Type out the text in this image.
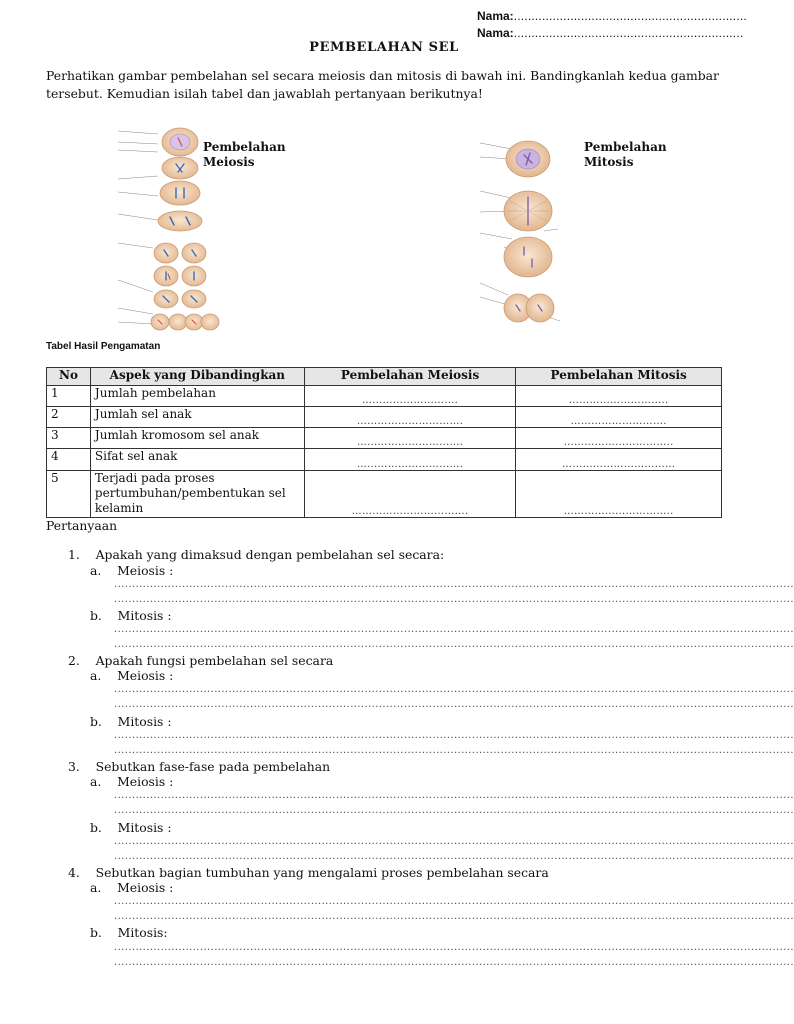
Nama:..................................................................
Nama:.................................................................
PEMBELAHAN SEL
Perhatikan gambar pembelahan sel secara meiosis dan mitosis di bawah ini. Bandingkanlah kedua gambar tersebut. Kemudian isilah tabel dan jawablah pertanyaan berikutnya!
Pembelahan
Meiosis
Pembelahan
Mitosis
Tabel Hasil Pengamatan
No	Aspek yang Dibandingkan	Pembelahan Meiosis	Pembelahan Mitosis
1	Jumlah pembelahan	……………………….	………………………..
2	Jumlah sel anak	………………………….	……………………….
3	Jumlah kromosom sel anak	………………………….	…………………………..
4	Sifat sel anak	………………………….	……………………………
5	Terjadi pada proses pertumbuhan/pembentukan sel kelamin	…………………………….	…………………………..
Pertanyaan
1. Apakah yang dimaksud dengan pembelahan sel secara:
a. Meiosis :
..............................................................................................................................................................................................
..............................................................................................................................................................................................
b. Mitosis :
..............................................................................................................................................................................................
..............................................................................................................................................................................................
2. Apakah fungsi pembelahan sel secara
a. Meiosis :
..............................................................................................................................................................................................
..............................................................................................................................................................................................
b. Mitosis :
..............................................................................................................................................................................................
..............................................................................................................................................................................................
3. Sebutkan fase-fase pada pembelahan
a. Meiosis :
..............................................................................................................................................................................................
..............................................................................................................................................................................................
b. Mitosis :
..............................................................................................................................................................................................
..............................................................................................................................................................................................
4. Sebutkan bagian tumbuhan yang mengalami proses pembelahan secara
a. Meiosis :
..............................................................................................................................................................................................
..............................................................................................................................................................................................
b. Mitosis:
..............................................................................................................................................................................................
..............................................................................................................................................................................................
